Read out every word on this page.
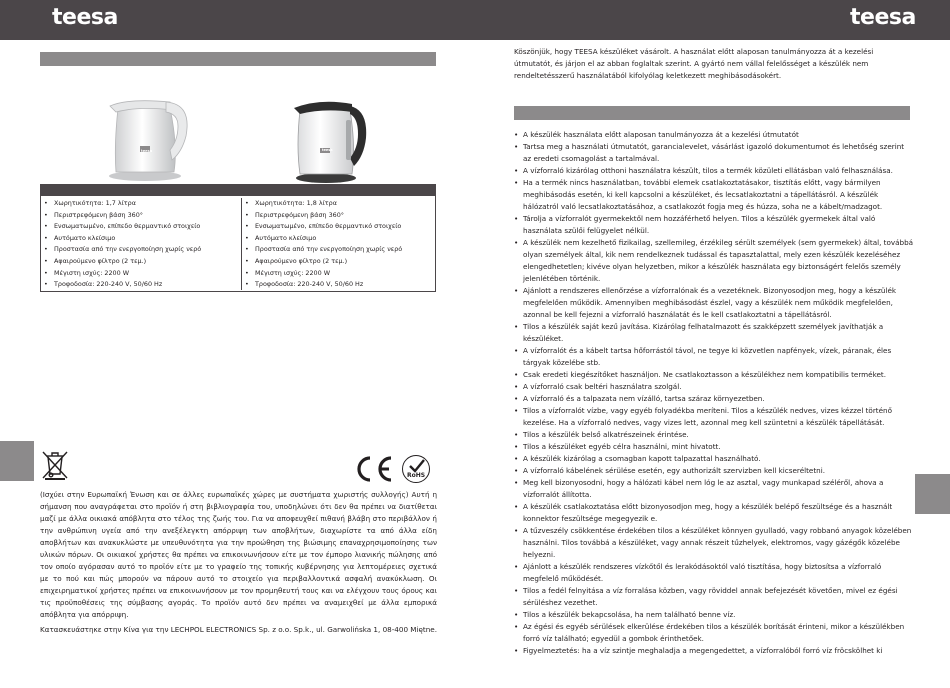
teesa	teesa
teesa	teesa
• Χωρητικότητα: 1,7 λίτρα
• Περιστρεφόμενη βάση 360°
• Ενσωματωμένο, επίπεδο θερμαντικό στοιχείο
• Αυτόματο κλείσιμο
• Προστασία από την ενεργοποίηση χωρίς νερό
• Αφαιρούμενο φίλτρο (2 τεμ.)
• Μέγιστη ισχύς: 2200 W
• Τροφοδοσία: 220-240 V, 50/60 Hz
• Χωρητικότητα: 1,8 λίτρα
• Περιστρεφόμενη βάση 360°
• Ενσωματωμένο, επίπεδο θερμαντικό στοιχείο
• Αυτόματο κλείσιμο
• Προστασία από την ενεργοποίηση χωρίς νερό
• Αφαιρούμενο φίλτρο (2 τεμ.)
• Μέγιστη ισχύς: 2200 W
• Τροφοδοσία: 220-240 V, 50/60 Hz
RoHS
(Ισχύει στην Ευρωπαϊκή Ένωση και σε άλλες ευρωπαϊκές χώρες με συστήματα χωριστής συλλογής) Αυτή η σήμανση που αναγράφεται στο προϊόν ή στη βιβλιογραφία του, υποδηλώνει ότι δεν θα πρέπει να διατίθεται μαζί με άλλα οικιακά απόβλητα στο τέλος της ζωής του. Για να αποφευχθεί πιθανή βλάβη στο περιβάλλον ή την ανθρώπινη υγεία από την ανεξέλεγκτη απόρριψη των αποβλήτων, διαχωρίστε τα από άλλα είδη αποβλήτων και ανακυκλώστε με υπευθυνότητα για την προώθηση της βιώσιμης επαναχρησιμοποίησης των υλικών πόρων. Οι οικιακοί χρήστες θα πρέπει να επικοινωνήσουν είτε με τον έμπορο λιανικής πώλησης από τον οποίο αγόρασαν αυτό το προϊόν είτε με το γραφείο της τοπικής κυβέρνησης για λεπτομέρειες σχετικά με το πού και πώς μπορούν να πάρουν αυτό το στοιχείο για περιβαλλοντικά ασφαλή ανακύκλωση. Οι επιχειρηματικοί χρήστες πρέπει να επικοινωνήσουν με τον προμηθευτή τους και να ελέγχουν τους όρους και τις προϋποθέσεις της σύμβασης αγοράς. Το προϊόν αυτό δεν πρέπει να αναμειχθεί με άλλα εμπορικά απόβλητα για απόρριψη.
Κατασκευάστηκε στην Κίνα για την LECHPOL ELECTRONICS Sp. z o.o. Sp.k., ul. Garwolińska 1, 08-400 Miętne.
Köszönjük, hogy TEESA készüléket vásárolt. A használat előtt alaposan tanulmányozza át a kezelési útmutatót, és járjon el az abban foglaltak szerint. A gyártó nem vállal felelősséget a készülék nem rendeltetésszerű használatából kifolyólag keletkezett meghibásodásokért.
• A készülék használata előtt alaposan tanulmányozza át a kezelési útmutatót
• Tartsa meg a használati útmutatót, garancialevelet, vásárlást igazoló dokumentumot és lehetőség szerint az eredeti csomagolást a tartalmával.
• A vízforraló kizárólag otthoni használatra készült, tilos a termék közületi ellátásban való felhasználása.
• Ha a termék nincs használatban, további elemek csatlakoztatásakor, tisztítás előtt, vagy bármilyen meghibásodás esetén, ki kell kapcsolni a készüléket, és lecsatlakoztatni a tápellátásról. A készülék hálózatról való lecsatlakoztatásához, a csatlakozót fogja meg és húzza, soha ne a kábelt/madzagot.
• Tárolja a vízforralót gyermekektől nem hozzáférhető helyen. Tilos a készülék gyermekek által való használata szülői felügyelet nélkül.
• A készülék nem kezelhető fizikailag, szellemileg, érzékileg sérült személyek (sem gyermekek) által, továbbá olyan személyek által, kik nem rendelkeznek tudással és tapasztalattal, mely ezen készülék kezeléséhez elengedhetetlen; kivéve olyan helyzetben, mikor a készülék használata egy biztonságért felelős személy jelenlétében történik.
• Ajánlott a rendszeres ellenőrzése a vízforralónak és a vezetéknek. Bizonyosodjon meg, hogy a készülék megfelelően működik. Amennyiben meghibásodást észlel, vagy a készülék nem működik megfelelően, azonnal be kell fejezni a vízforraló használatát és le kell csatlakoztatni a tápellátásról.
• Tilos a készülék saját kezű javítása. Kizárólag felhatalmazott és szakképzett személyek javíthatják a készüléket.
• A vízforralót és a kábelt tartsa hőforrástól távol, ne tegye ki közvetlen napfények, vízek, páranak, éles tárgyak közelébe stb.
• Csak eredeti kiegészítőket használjon. Ne csatlakoztasson a készülékhez nem kompatibilis terméket.
• A vízforraló csak beltéri használatra szolgál.
• A vízforraló és a talpazata nem vízálló, tartsa száraz környezetben.
• Tilos a vízforralót vízbe, vagy egyéb folyadékba meríteni. Tilos a készülék nedves, vizes kézzel történő kezelése. Ha a vízforraló nedves, vagy vizes lett, azonnal meg kell szüntetni a készülék tápellátását.
• Tilos a készülék belső alkatrészeinek érintése.
• Tilos a készüléket egyéb célra használni, mint hivatott.
• A készülék kizárólag a csomagban kapott talpazattal használható.
• A vízforraló kábelének sérülése esetén, egy authorizált szervizben kell kicseréltetni.
• Meg kell bizonyosodni, hogy a hálózati kábel nem lóg le az asztal, vagy munkapad széléről, ahova a vízforralót állította.
• A készülék csatlakoztatása előtt bizonyosodjon meg, hogy a készülék belépő feszültsége és a használt konnektor feszültsége megegyezik e.
• A tűzveszély csökkentése érdekében tilos a készüléket könnyen gyulladó, vagy robbanó anyagok közelében használni. Tilos továbbá a készüléket, vagy annak részeit tűzhelyek, elektromos, vagy gázégők közelébe helyezni.
• Ajánlott a készülék rendszeres vízkőtől és lerakódásoktól való tisztítása, hogy biztosítsa a vízforraló megfelelő működését.
• Tilos a fedél felnyitása a víz forralása közben, vagy röviddel annak befejezését követően, mivel ez égési sérüléshez vezethet.
• Tilos a készülék bekapcsolása, ha nem található benne víz.
• Az égési és egyéb sérülések elkerülése érdekében tilos a készülék borítását érinteni, mikor a készülékben forró víz található; egyedül a gombok érinthetőek.
• Figyelmeztetés: ha a víz szintje meghaladja a megengedettet, a vízforralóból forró víz fröcskölhet ki
